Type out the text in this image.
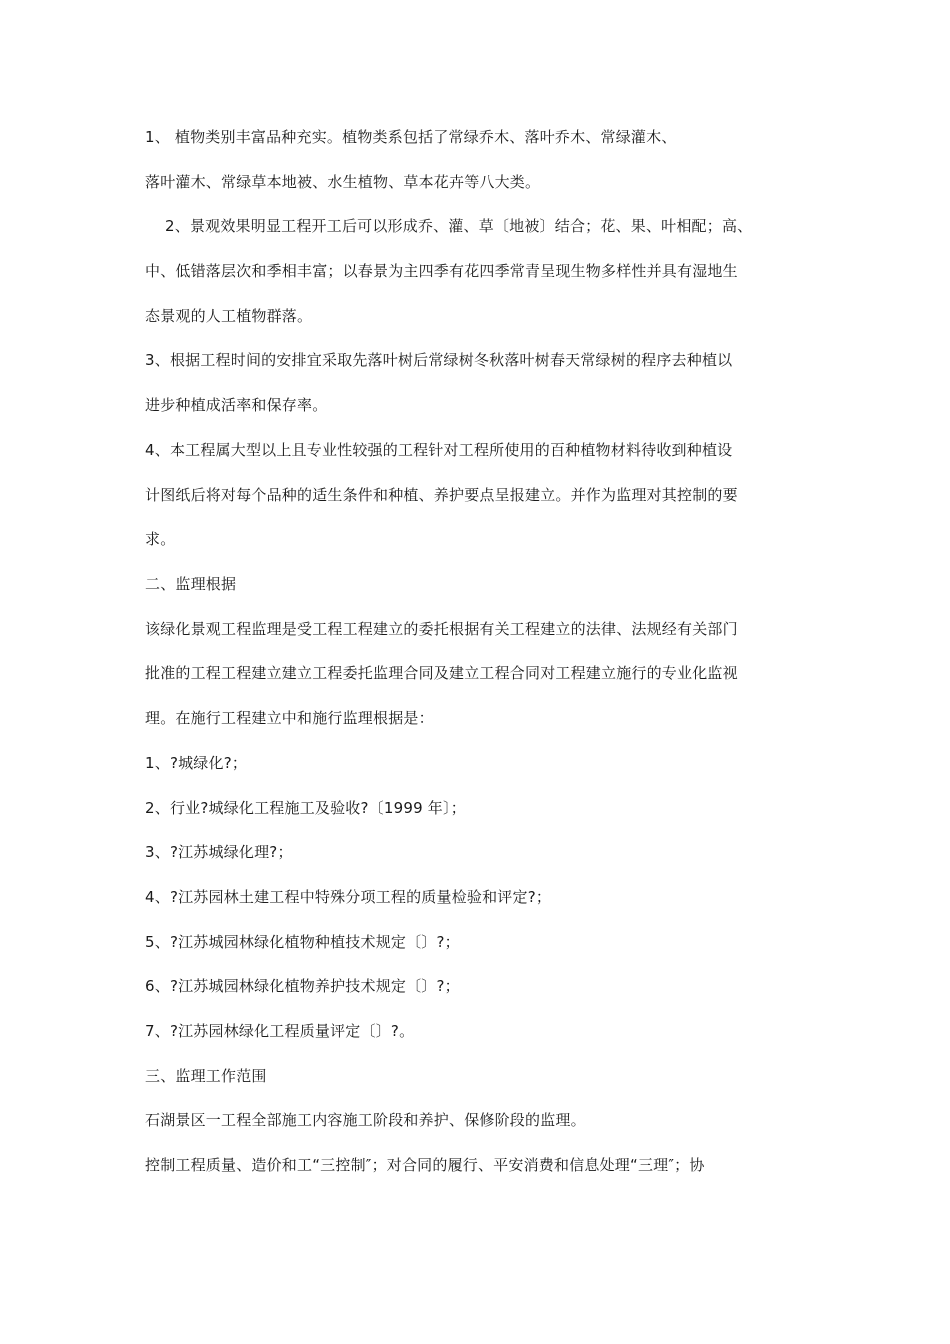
1、 植物类别丰富品种充实。植物类系包括了常绿乔木、落叶乔木、常绿灌木、
落叶灌木、常绿草本地被、水生植物、草本花卉等八大类。
2、景观效果明显工程开工后可以形成乔、灌、草〔地被〕结合；花、果、叶相配；高、
中、低错落层次和季相丰富；以春景为主四季有花四季常青呈现生物多样性并具有湿地生
态景观的人工植物群落。
3、根据工程时间的安排宜采取先落叶树后常绿树冬秋落叶树春天常绿树的程序去种植以
进步种植成活率和保存率。
4、本工程属大型以上且专业性较强的工程针对工程所使用的百种植物材料待收到种植设
计图纸后将对每个品种的适生条件和种植、养护要点呈报建立。并作为监理对其控制的要
求。
二、监理根据
该绿化景观工程监理是受工程工程建立的委托根据有关工程建立的法律、法规经有关部门
批准的工程工程建立建立工程委托监理合同及建立工程合同对工程建立施行的专业化监视
理。在施行工程建立中和施行监理根据是：
1、?城绿化?；
2、行业?城绿化工程施工及验收?〔1999 年〕；
3、?江苏城绿化理?；
4、?江苏园林土建工程中特殊分项工程的质量检验和评定?；
5、?江苏城园林绿化植物种植技术规定〔〕?；
6、?江苏城园林绿化植物养护技术规定〔〕?；
7、?江苏园林绿化工程质量评定〔〕?。
三、监理工作范围
石湖景区一工程全部施工内容施工阶段和养护、保修阶段的监理。
控制工程质量、造价和工“三控制″；对合同的履行、平安消费和信息处理“三理″；协
